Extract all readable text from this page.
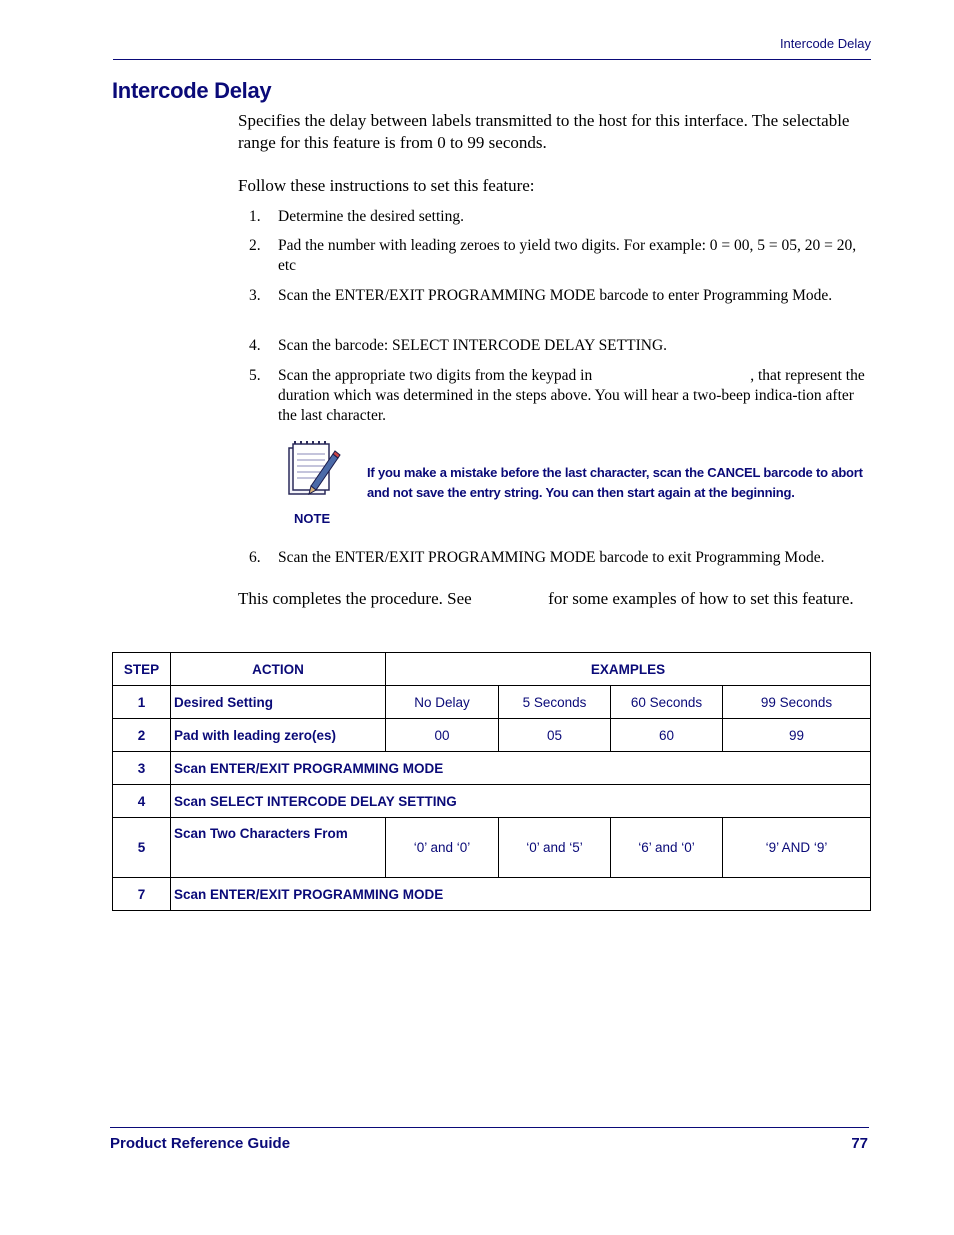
Intercode Delay
Intercode Delay

Specifies the delay between labels transmitted to the host for this interface. The selectable range for this feature is from 0 to 99 seconds.

Follow these instructions to set this feature:

1.	Determine the desired setting.
2.	Pad the number with leading zeroes to yield two digits. For example: 0 = 00, 5 = 05, 20 = 20, etc
3.	Scan the ENTER/EXIT PROGRAMMING MODE barcode to enter Programming Mode.
4.	Scan the barcode: SELECT INTERCODE DELAY SETTING.
5.	Scan the appropriate two digits from the keypad in	, that represent the duration which was determined in the steps above. You will hear a two-beep indica-tion after the last character.
NOTE

If you make a mistake before the last character, scan the CANCEL barcode to abort and not save the entry string. You can then start again at the beginning.

6.	Scan the ENTER/EXIT PROGRAMMING MODE barcode to exit Programming Mode.

This completes the procedure. See	for some examples of how to set this feature.

STEP	ACTION	EXAMPLES			
1	Desired Setting	No Delay	5 Seconds	60 Seconds	99 Seconds
2	Pad with leading zero(es)	00	05	60	99
3	Scan ENTER/EXIT PROGRAMMING MODE				
4	Scan SELECT INTERCODE DELAY SETTING				
5	Scan Two Characters From	‘0’ and ‘0’	‘0’ and ‘5’	‘6’ and ‘0’	‘9’ AND ‘9’
7	Scan ENTER/EXIT PROGRAMMING MODE				
Product Reference Guide	77
